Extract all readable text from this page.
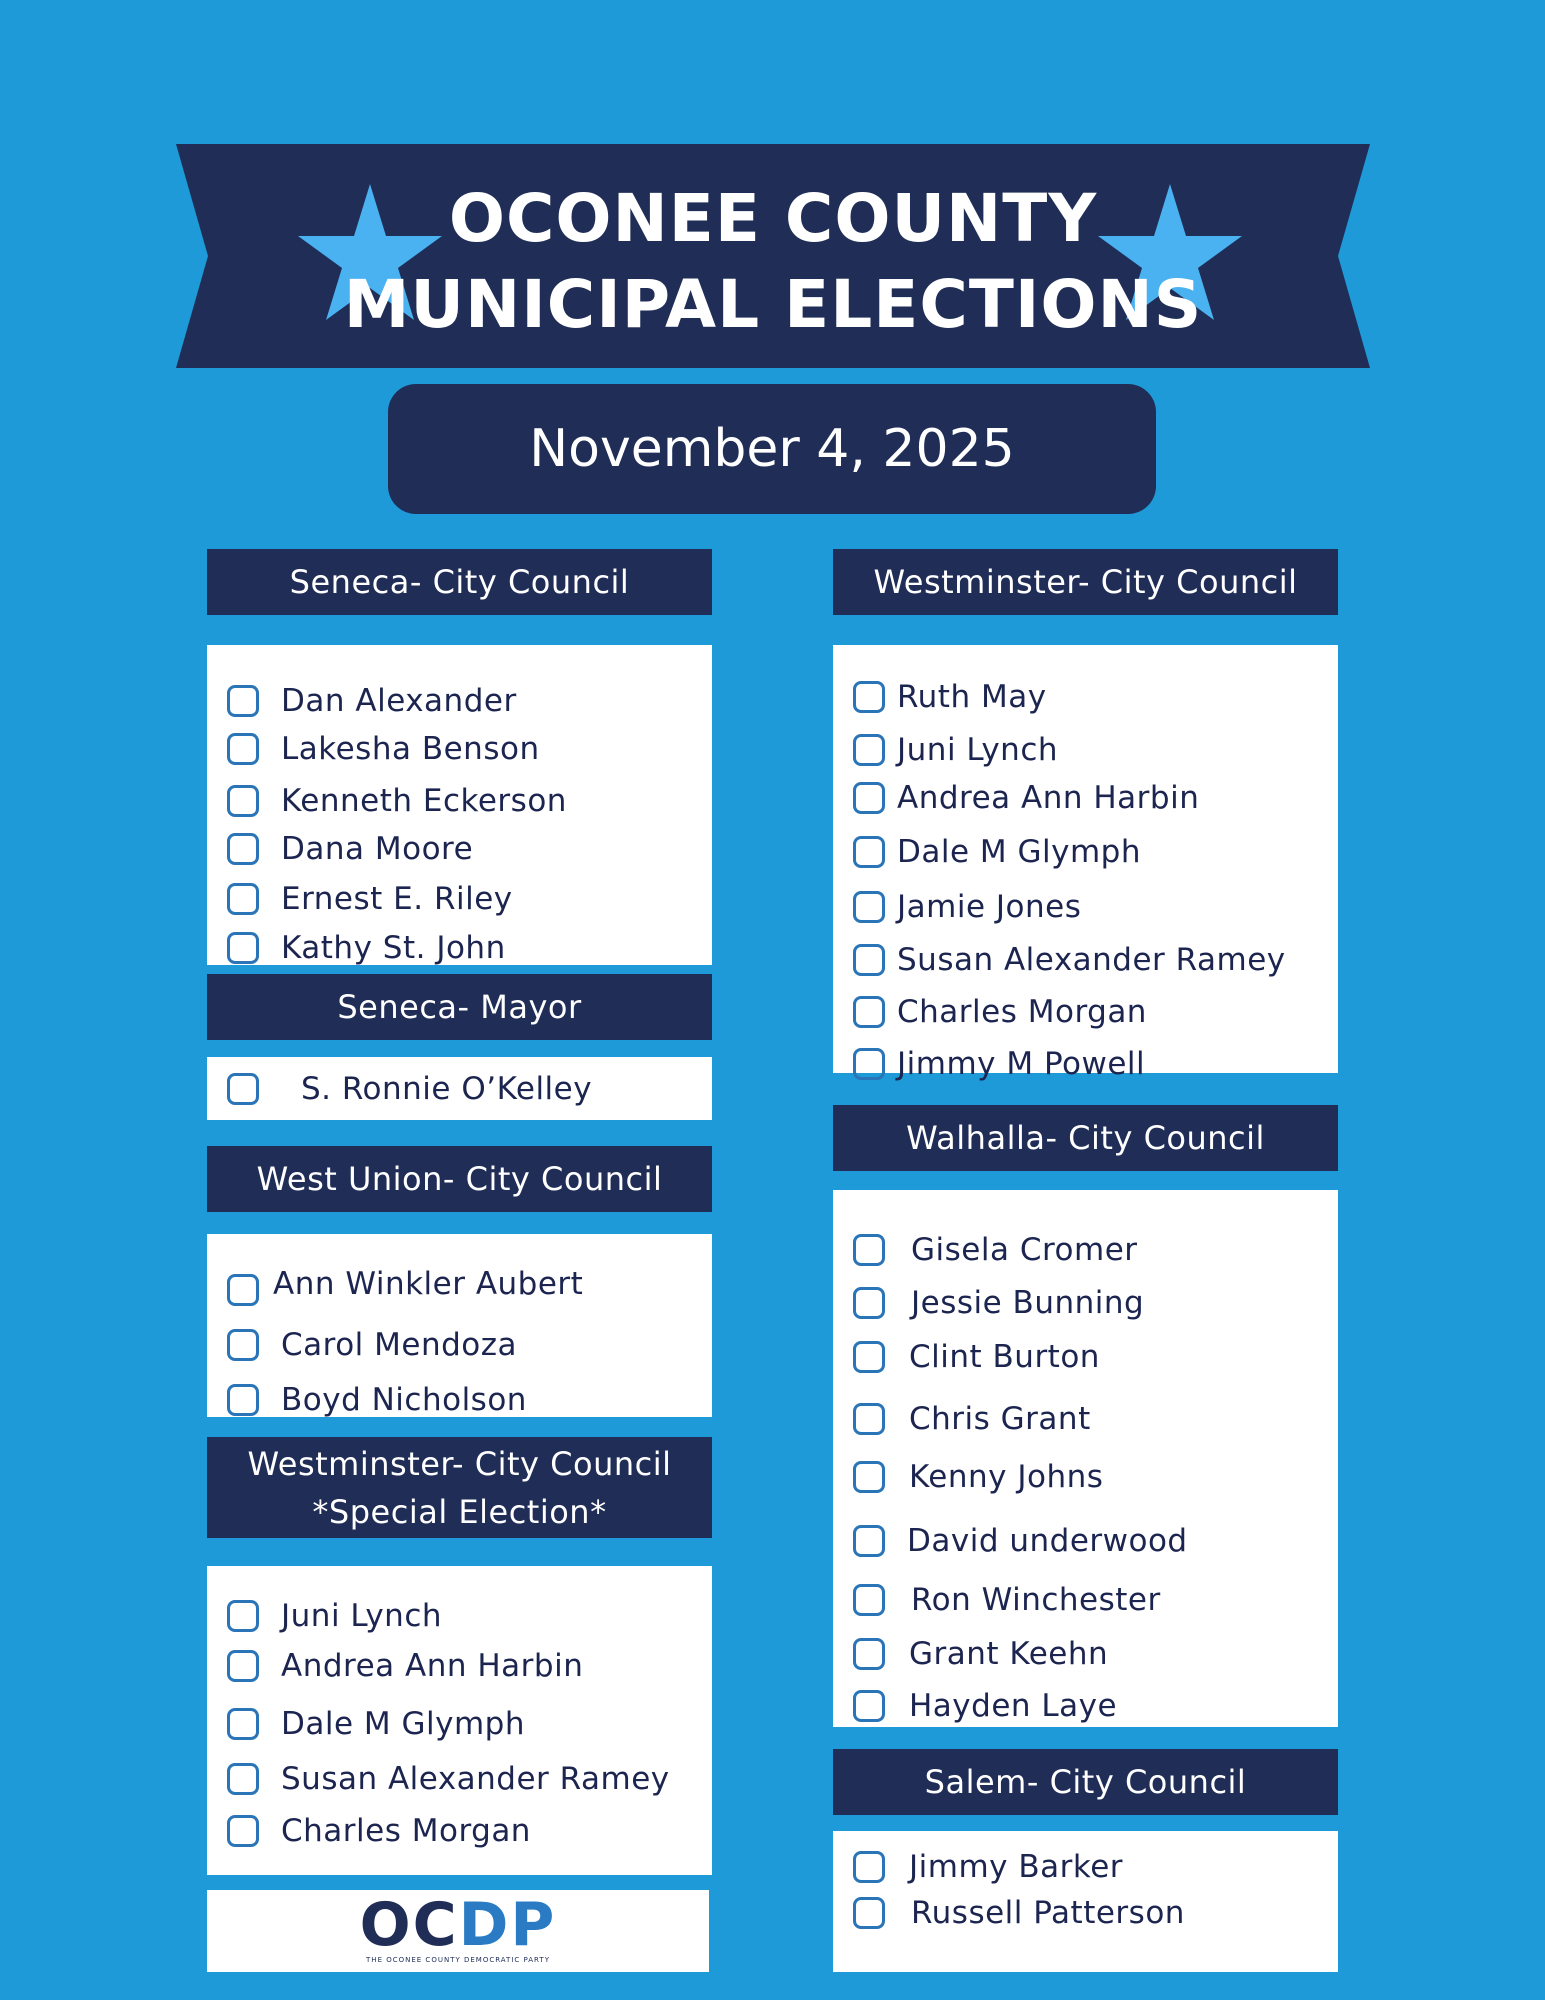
OCONEE COUNTY
MUNICIPAL ELECTIONS
November 4, 2025
Seneca- City Council
Dan Alexander
Lakesha Benson
Kenneth Eckerson
Dana Moore
Ernest E. Riley
Kathy St. John
Seneca- Mayor
S. Ronnie O’Kelley
West Union- City Council
Ann Winkler Aubert
Carol Mendoza
Boyd Nicholson
Westminster- City Council
*Special Election*
Juni Lynch
Andrea Ann Harbin
Dale M Glymph
Susan Alexander Ramey
Charles Morgan
OCDP
THE OCONEE COUNTY DEMOCRATIC PARTY
Westminster- City Council
Ruth May
Juni Lynch
Andrea Ann Harbin
Dale M Glymph
Jamie Jones
Susan Alexander Ramey
Charles Morgan
Jimmy M Powell
Walhalla- City Council
Gisela Cromer
Jessie Bunning
Clint Burton
Chris Grant
Kenny Johns
David underwood
Ron Winchester
Grant Keehn
Hayden Laye
Salem- City Council
Jimmy Barker
Russell Patterson
